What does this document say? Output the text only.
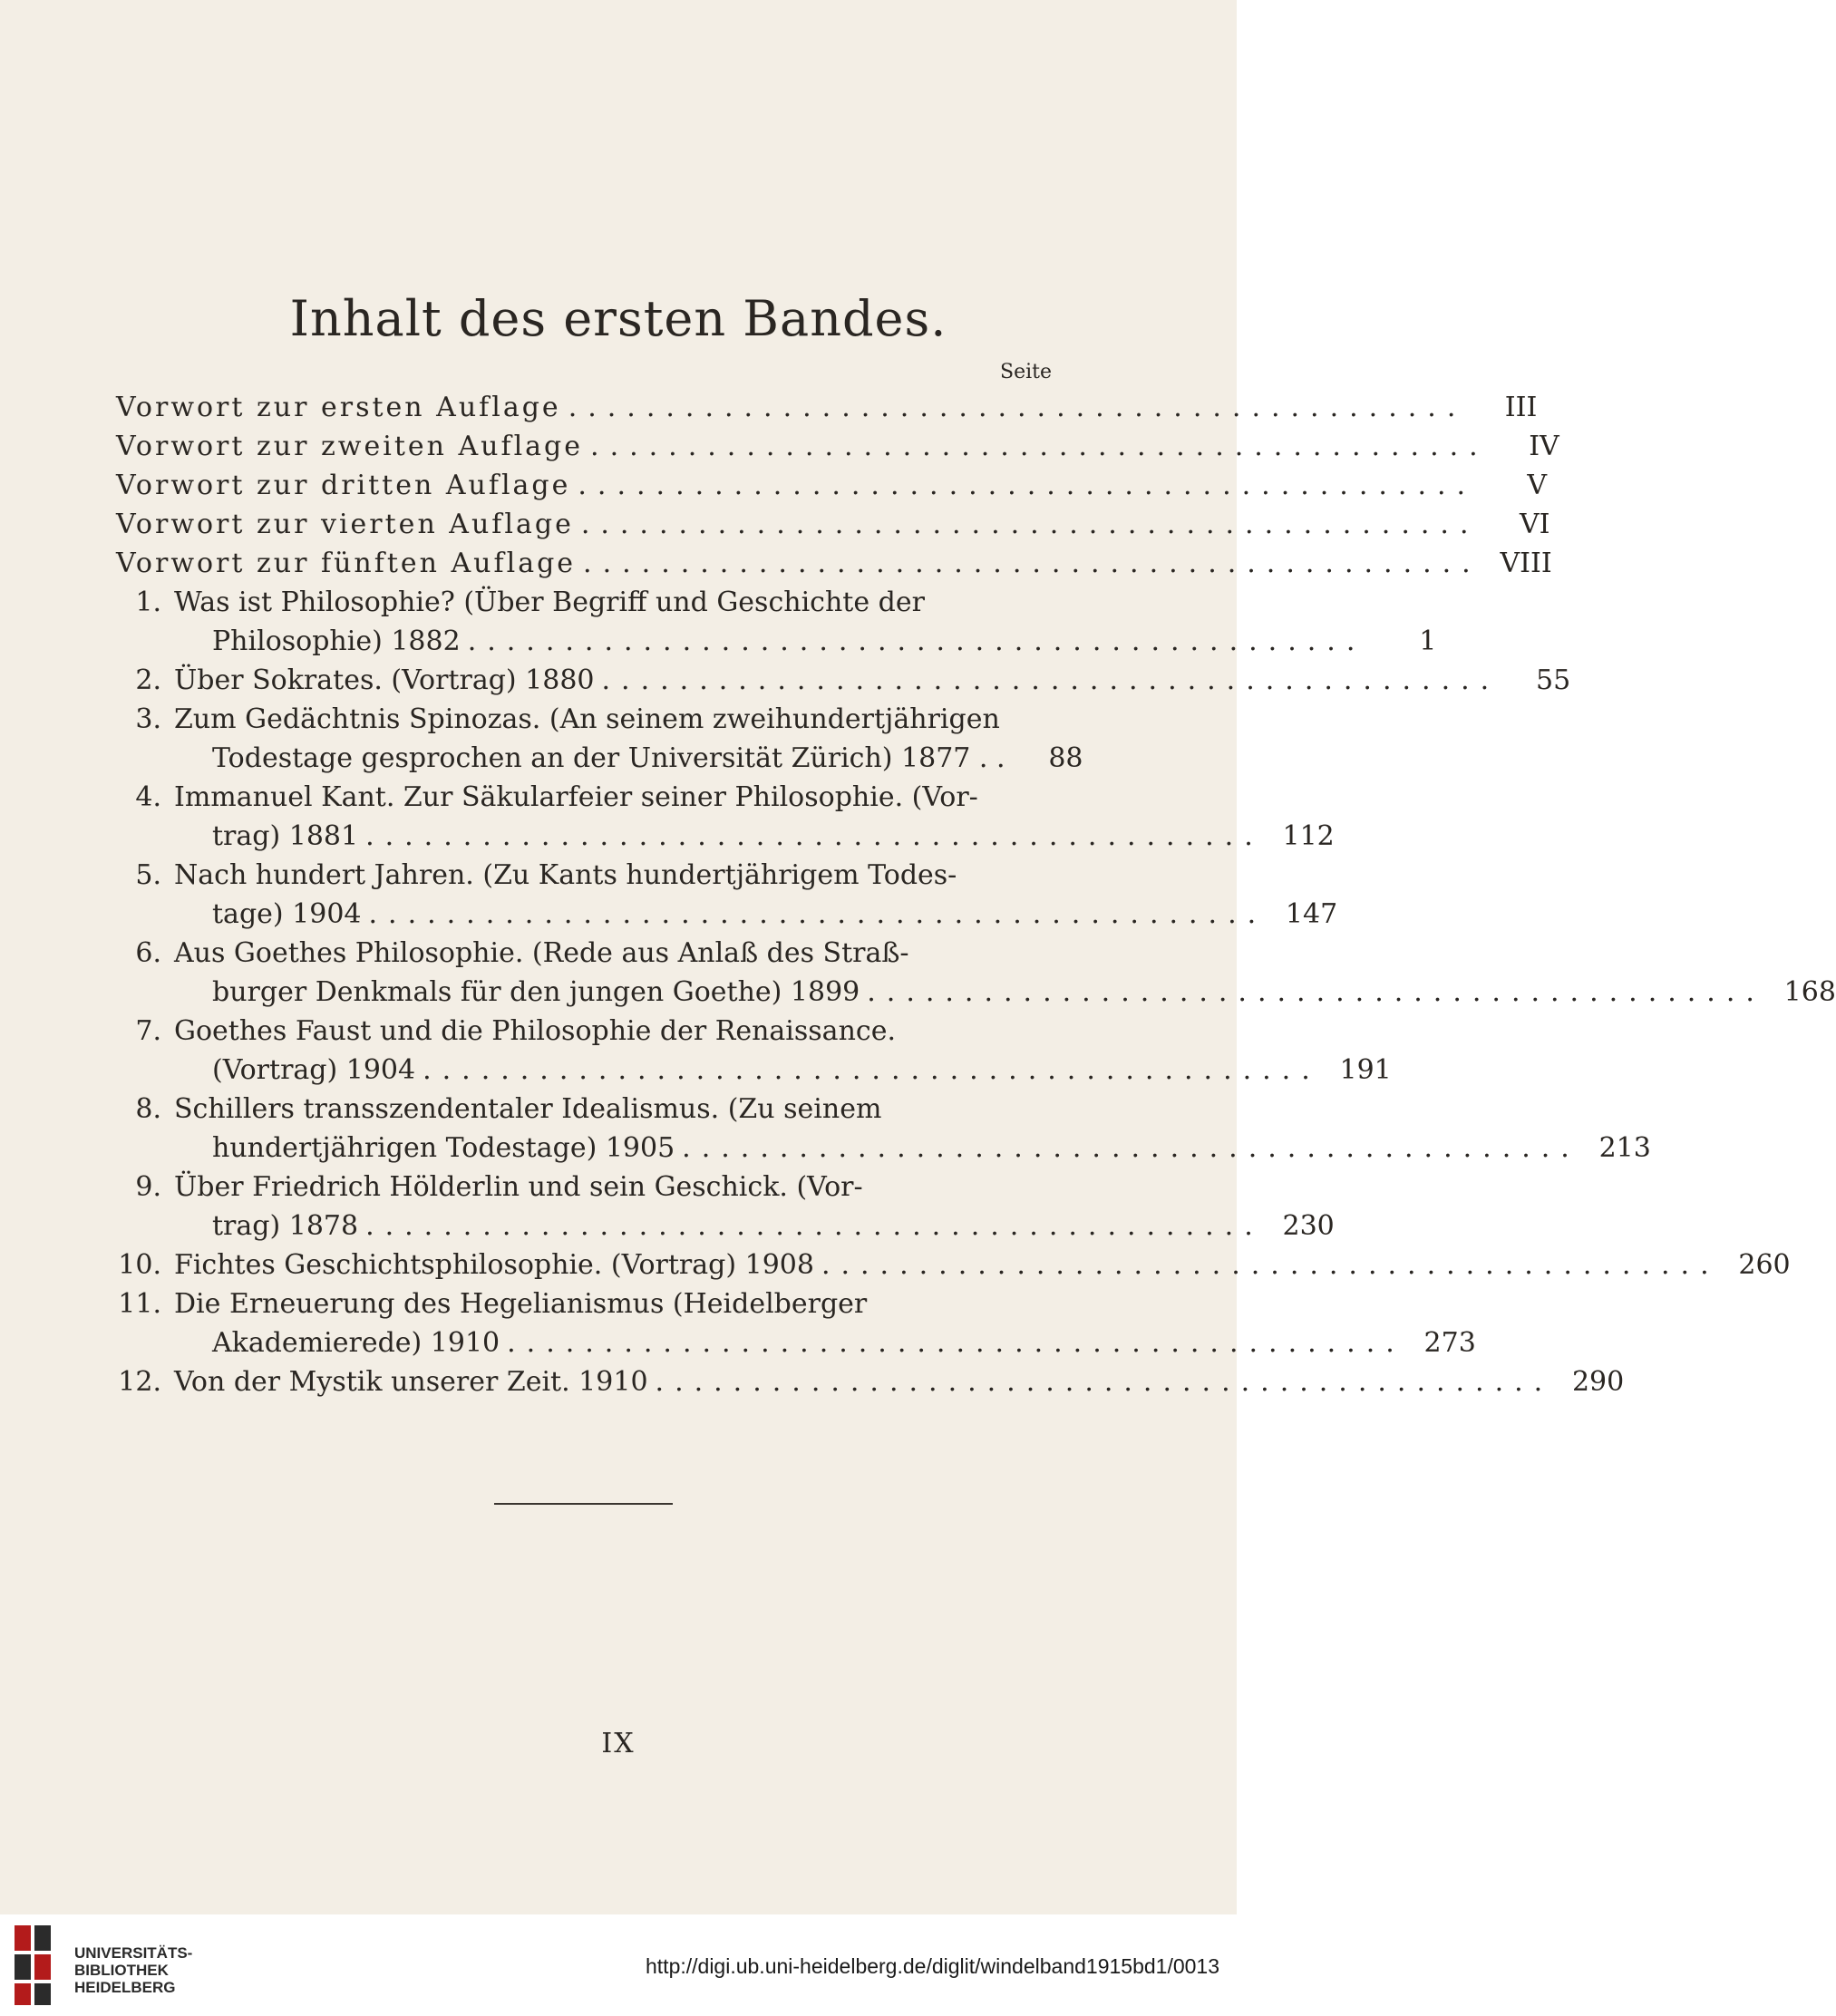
Inhalt des ersten Bandes.
Seite
Vorwort zur ersten Auflage ..............................................	III
Vorwort zur zweiten Auflage ..............................................	IV
Vorwort zur dritten Auflage ..............................................	V
Vorwort zur vierten Auflage ..............................................	VI
Vorwort zur fünften Auflage .............................................. VIII
1. Was ist Philosophie? (Über Begriff und Geschichte der
Philosophie) 1882 ..............................................	1
2. Über Sokrates. (Vortrag) 1880 ..............................................	55
3. Zum Gedächtnis Spinozas. (An seinem zweihundertjährigen
Todestage gesprochen an der Universität Zürich) 1877 . .	88
4. Immanuel Kant. Zur Säkularfeier seiner Philosophie. (Vor-
trag) 1881 .............................................. 112
5. Nach hundert Jahren. (Zu Kants hundertjährigem Todes-
tage) 1904 .............................................. 147
6. Aus Goethes Philosophie. (Rede aus Anlaß des Straß-
burger Denkmals für den jungen Goethe) 1899 .............................................. 168
7. Goethes Faust und die Philosophie der Renaissance.
(Vortrag) 1904 .............................................. 191
8. Schillers transszendentaler Idealismus. (Zu seinem
hundertjährigen Todestage) 1905 .............................................. 213
9. Über Friedrich Hölderlin und sein Geschick. (Vor-
trag) 1878 .............................................. 230
10. Fichtes Geschichtsphilosophie. (Vortrag) 1908 .............................................. 260
11. Die Erneuerung des Hegelianismus (Heidelberger
Akademierede) 1910 .............................................. 273
12. Von der Mystik unserer Zeit. 1910 .............................................. 290
IX
UNIVERSITÄTS-
BIBLIOTHEK
HEIDELBERG
http://digi.ub.uni-heidelberg.de/diglit/windelband1915bd1/0013
